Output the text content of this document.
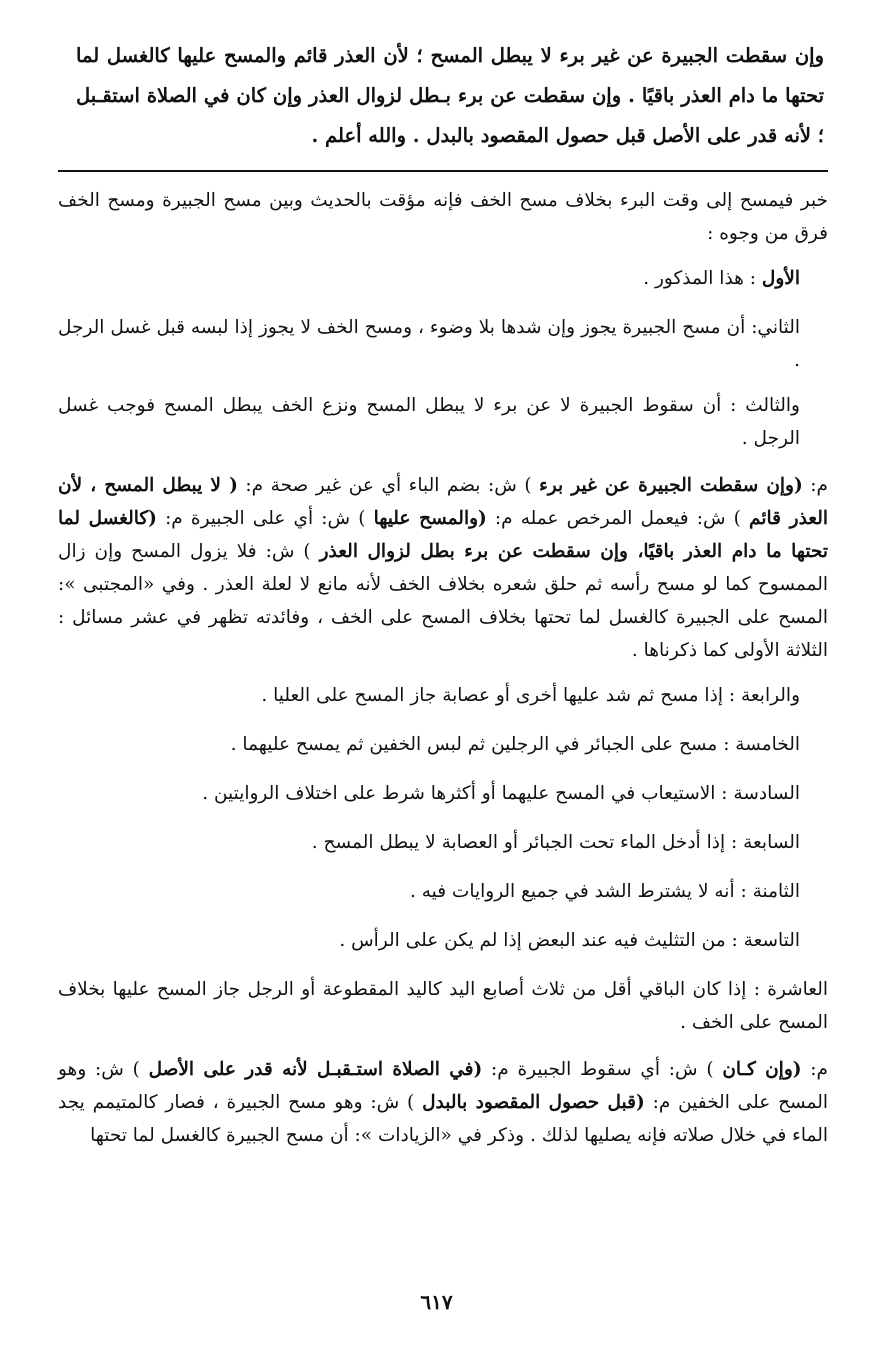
وإن سقطت الجبيرة عن غير برء لا يبطل المسح ؛ لأن العذر قائم والمسح عليها كالغسل لما تحتها ما دام العذر باقيًا . وإن سقطت عن برء بـطل لزوال العذر وإن كان في الصلاة استقـبل ؛ لأنه قدر على الأصل قبل حصول المقصود بالبدل . والله أعلم .

خبر فيمسح إلى وقت البرء بخلاف مسح الخف فإنه مؤقت بالحديث وبين مسح الجبيرة ومسح الخف فرق من وجوه :

الأول : هذا المذكور .

الثاني: أن مسح الجبيرة يجوز وإن شدها بلا وضوء ، ومسح الخف لا يجوز إذا لبسه قبل غسل الرجل .

والثالث : أن سقوط الجبيرة لا عن برء لا يبطل المسح ونزع الخف يبطل المسح فوجب غسل الرجل .

م: (وإن سقطت الجبيرة عن غير برء ) ش: بضم الباء أي عن غير صحة م: ( لا يبطل المسح ، لأن العذر قائم ) ش: فيعمل المرخص عمله م: (والمسح عليها ) ش: أي على الجبيرة م: (كالغسل لما تحتها ما دام العذر باقيًا، وإن سقطت عن برء بطل لزوال العذر ) ش: فلا يزول المسح وإن زال الممسوح كما لو مسح رأسه ثم حلق شعره بخلاف الخف لأنه مانع لا لعلة العذر . وفي «المجتبى »: المسح على الجبيرة كالغسل لما تحتها بخلاف المسح على الخف ، وفائدته تظهر في عشر مسائل : الثلاثة الأولى كما ذكرناها .

والرابعة : إذا مسح ثم شد عليها أخرى أو عصابة جاز المسح على العليا .

الخامسة : مسح على الجبائر في الرجلين ثم لبس الخفين ثم يمسح عليهما .

السادسة : الاستيعاب في المسح عليهما أو أكثرها شرط على اختلاف الروايتين .

السابعة : إذا أدخل الماء تحت الجبائر أو العصابة لا يبطل المسح .

الثامنة : أنه لا يشترط الشد في جميع الروايات فيه .

التاسعة : من التثليث فيه عند البعض إذا لم يكن على الرأس .

العاشرة : إذا كان الباقي أقل من ثلاث أصابع اليد كاليد المقطوعة أو الرجل جاز المسح عليها بخلاف المسح على الخف .

م: (وإن كـان ) ش: أي سقوط الجبيرة م: (في الصلاة استـقبـل لأنه قدر على الأصل ) ش: وهو المسح على الخفين م: (قبل حصول المقصود بالبدل ) ش: وهو مسح الجبيرة ، فصار كالمتيمم يجد الماء في خلال صلاته فإنه يصليها لذلك . وذكر في «الزيادات »: أن مسح الجبيرة كالغسل لما تحتها

٦١٧
